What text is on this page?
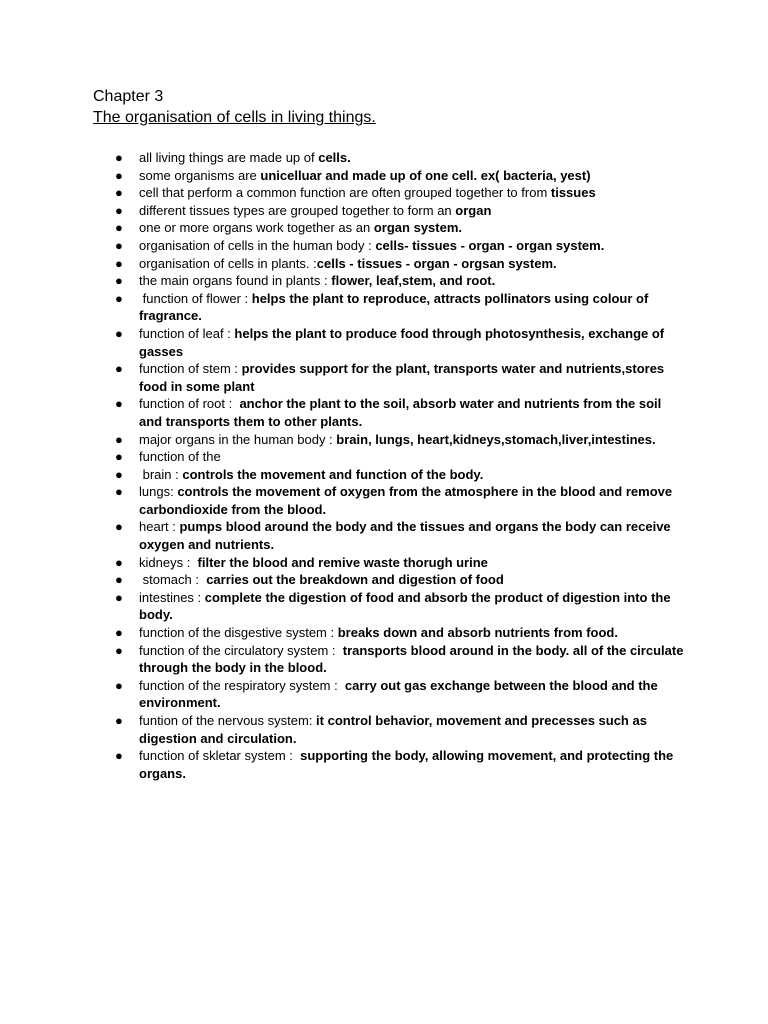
Chapter 3
The organisation of cells in living things.
● all living things are made up of cells.
● some organisms are unicelluar and made up of one cell. ex( bacteria, yest)
● cell that perform a common function are often grouped together to from tissues
● different tissues types are grouped together to form an organ
● one or more organs work together as an organ system.
● organisation of cells in the human body : cells- tissues - organ - organ system.
● organisation of cells in plants. :cells - tissues - organ - orgsan system.
● the main organs found in plants : flower, leaf,stem, and root.
● function of flower : helps the plant to reproduce, attracts pollinators using colour of fragrance.
● function of leaf : helps the plant to produce food through photosynthesis, exchange of gasses
● function of stem : provides support for the plant, transports water and nutrients,stores food in some plant
● function of root :  anchor the plant to the soil, absorb water and nutrients from the soil and transports them to other plants.
● major organs in the human body : brain, lungs, heart,kidneys,stomach,liver,intestines.
● function of the
● brain : controls the movement and function of the body.
● lungs: controls the movement of oxygen from the atmosphere in the blood and remove carbondioxide from the blood.
● heart : pumps blood around the body and the tissues and organs the body can receive oxygen and nutrients.
● kidneys :  filter the blood and remive waste thorugh urine
● stomach :  carries out the breakdown and digestion of food
● intestines : complete the digestion of food and absorb the product of digestion into the body.
● function of the disgestive system : breaks down and absorb nutrients from food.
● function of the circulatory system :  transports blood around in the body. all of the circulate through the body in the blood.
● function of the respiratory system :  carry out gas exchange between the blood and the environment.
● funtion of the nervous system: it control behavior, movement and precesses such as digestion and circulation.
● function of skletar system :  supporting the body, allowing movement, and protecting the organs.
